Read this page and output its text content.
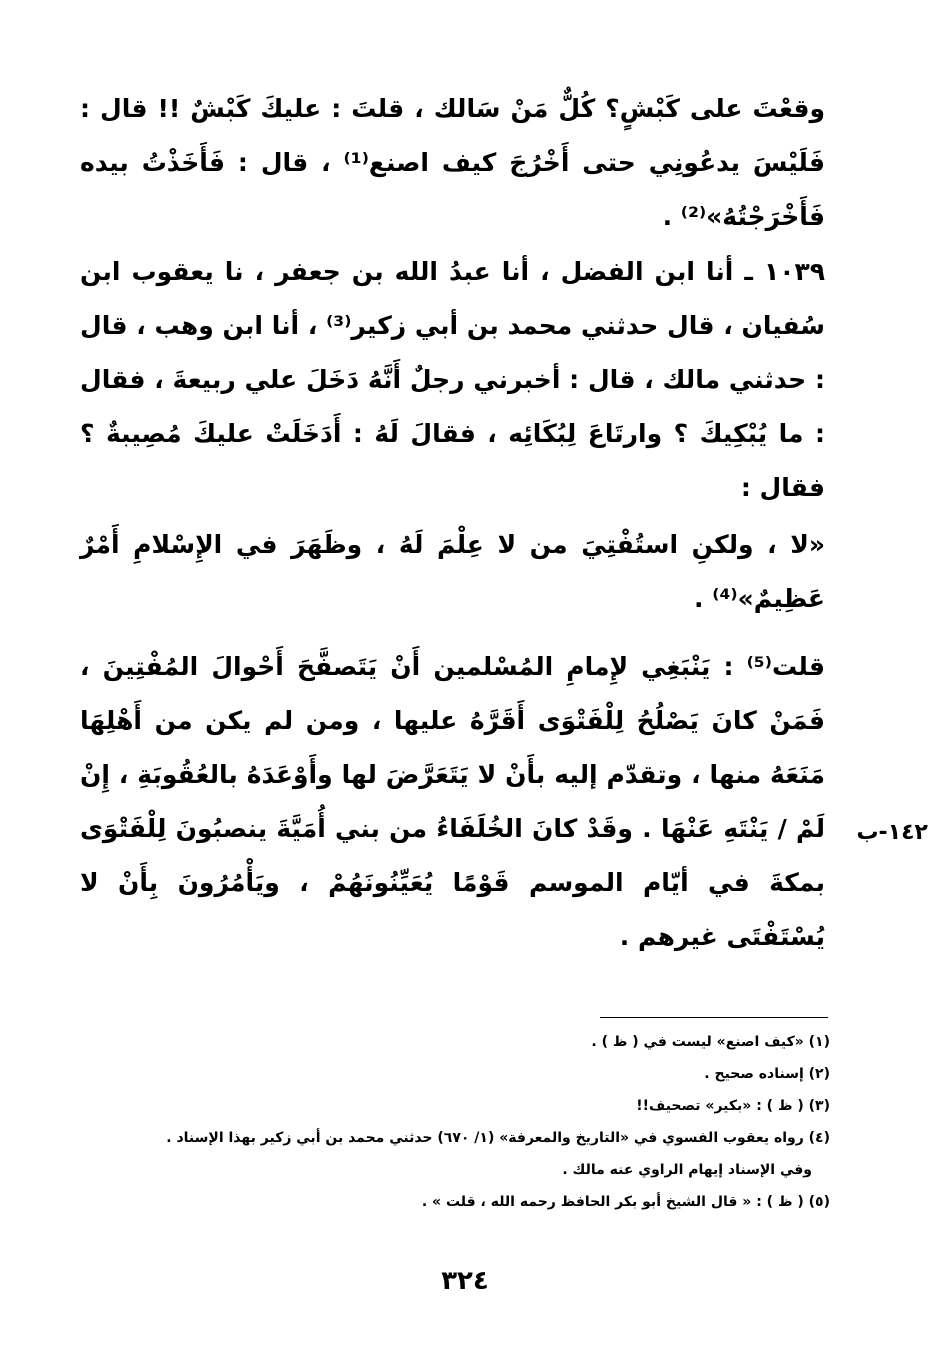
وقعْتَ على كَبْشٍ؟ كُلٌّ مَنْ سَالك ، قلتَ : عليكَ كَبْشٌ !! قال : فَلَيْسَ يدعُونِي حتى أَخْرُجَ كيف اصنع⁽¹⁾ ، قال : فَأَخَذْتُ بيده فَأَخْرَجْتُهُ»⁽²⁾ .

١٠٣٩ ـ أنا ابن الفضل ، أنا عبدُ الله بن جعفر ، نا يعقوب ابن سُفيان ، قال حدثني محمد بن أبي زكير⁽³⁾ ، أنا ابن وهب ، قال : حدثني مالك ، قال : أخبرني رجلٌ أَنَّهُ دَخَلَ علي ربيعةَ ، فقال : ما يُبْكِيكَ ؟ وارتَاعَ لِبُكَائِه ، فقالَ لَهُ : أَدَخَلَتْ عليكَ مُصِيبةٌ ؟ فقال :

«لا ، ولكنِ استُفْتِيَ من لا عِلْمَ لَهُ ، وظَهَرَ في الإِسْلامِ أَمْرٌ عَظِيمٌ»⁽⁴⁾ .

قلت⁽⁵⁾ : يَنْبَغِي لإِمامِ المُسْلمين أَنْ يَتَصفَّحَ أَحْوالَ المُفْتِينَ ، فَمَنْ كانَ يَصْلُحُ لِلْفَتْوَى أَقَرَّهُ عليها ، ومن لم يكن من أَهْلِهَا مَنَعَهُ منها ، وتقدّم إليه بأَنْ لا يَتَعَرَّضَ لها وأَوْعَدَهُ بالعُقُوبَةِ ، إِنْ لَمْ / يَنْتَهِ عَنْهَا . وقَدْ كانَ الخُلَفَاءُ من بني أُمَيَّةَ ينصبُونَ لِلْفَتْوَى بمكةَ في أيّام الموسم قَوْمًا يُعَيِّنُونَهُمْ ، ويَأْمُرُونَ بِأَنْ لا يُسْتَفْتَى غيرهم .

١٤٢-ب

(١) «كيف اصنع» ليست في ( ظ ) .

(٢) إسناده صحيح .

(٣) ( ظ ) : «بكير» تصحيف!!

(٤) رواه يعقوب الفسوي في «التاريخ والمعرفة» (١/ ٦٧٠) حدثني محمد بن أبي زكير بهذا الإسناد .

وفي الإسناد إيهام الراوي عنه مالك .

(٥) ( ظ ) : « قال الشيخ أبو بكر الحافظ رحمه الله ، قلت » .

٣٢٤
